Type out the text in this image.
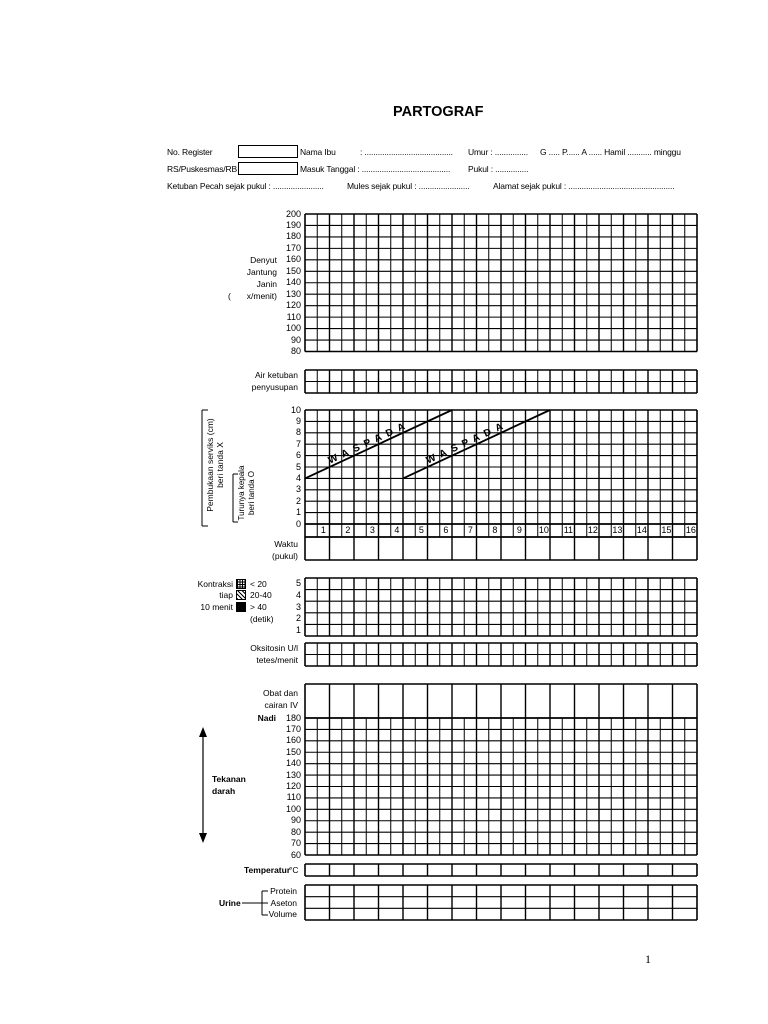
WASPADA WASPADA
PARTOGRAF
No. Register	Nama Ibu	: ........................................ Umur : ............... G ..... P...... A ...... Hamil ........... minggu
RS/Puskesmas/RB	Masuk Tanggal : ........................................ Pukul : ...............
Ketuban Pecah sejak pukul : .......................	Mules sejak pukul : .......................	Alamat sejak pukul : ................................................
Denyut
Jantung
Janin
x/menit)
(
Air ketuban
penyusupan
Pembukaan serviks (cm) beri tanda X
Turunya kepala beri tanda O
Waktu
(pukul)
Kontraksi
tiap
10 menit
< 20
20-40
> 40
(detik)
Oksitosin U/l
tetes/menit
Obat dan
cairan IV
Nadi
Tekanan
darah
Temperatur
°C
Urine
Protein
Aseton
Volume
1
200
190
180
170
160
150
140
130
120
110
100
90
80
10
9
8
7
6
5
4
3
2
1
0
180
170
160
150
140
130
120
110
100
90
80
70
60
5
4
3
2
1
1	2	3	4	5	6	7	8	9	10 11 12 13 14 15 16
